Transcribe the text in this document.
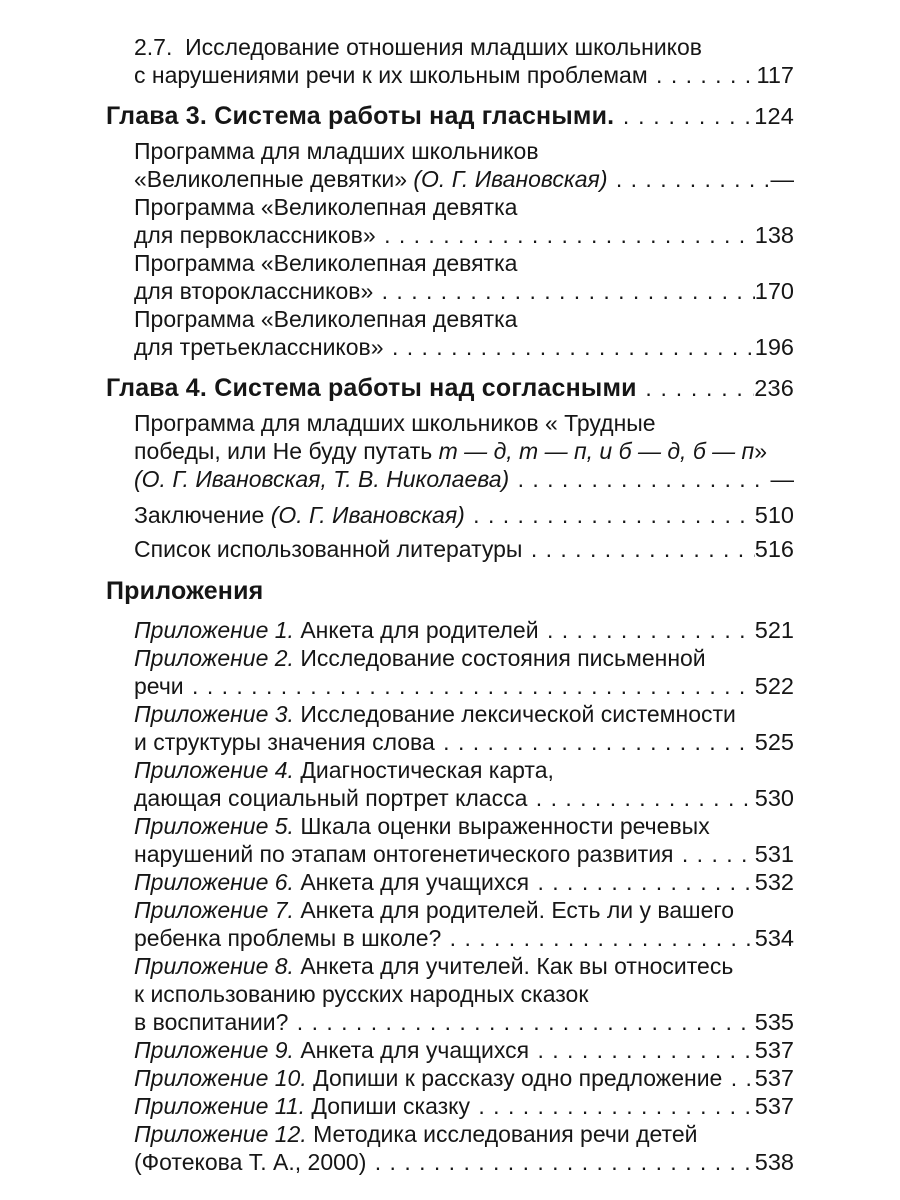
2.7.  Исследование отношения младших школьников
с нарушениями речи к их школьным проблемам . . .	117
Глава 3. Система работы над гласными. . . .	124
Программа для младших школьников
«Великолепные девятки» (О. Г. Ивановская) . . .	—
Программа «Великолепная девятка
для первоклассников» . . .	138
Программа «Великолепная девятка
для второклассников» . . .	170
Программа «Великолепная девятка
для третьеклассников» . . .	196
Глава 4. Система работы над согласными . . .	236
Программа для младших школьников « Трудные
победы, или Не буду путать т — д, т — п, и б — д, б — п »
(О. Г. Ивановская, Т. В. Николаева) . . .	—
Заключение (О. Г. Ивановская) . . .	510
Список использованной литературы . . .	516
Приложения
Приложение 1. Анкета для родителей . . .	521
Приложение 2. Исследование состояния письменной
речи . . .	522
Приложение 3. Исследование лексической системности
и структуры значения слова . . .	525
Приложение 4. Диагностическая карта,
дающая социальный портрет класса . . .	530
Приложение 5. Шкала оценки выраженности речевых
нарушений по этапам онтогенетического развития . . .	531
Приложение 6. Анкета для учащихся . . .	532
Приложение 7. Анкета для родителей. Есть ли у вашего
ребенка проблемы в школе? . . .	534
Приложение 8. Анкета для учителей. Как вы относитесь
к использованию русских народных сказок
в воспитании? . . .	535
Приложение 9. Анкета для учащихся . . .	537
Приложение 10. Допиши к рассказу одно предложение . . . 537
Приложение 11. Допиши сказку . . .	537
Приложение 12. Методика исследования речи детей
(Фотекова Т. А., 2000) . . .	538
